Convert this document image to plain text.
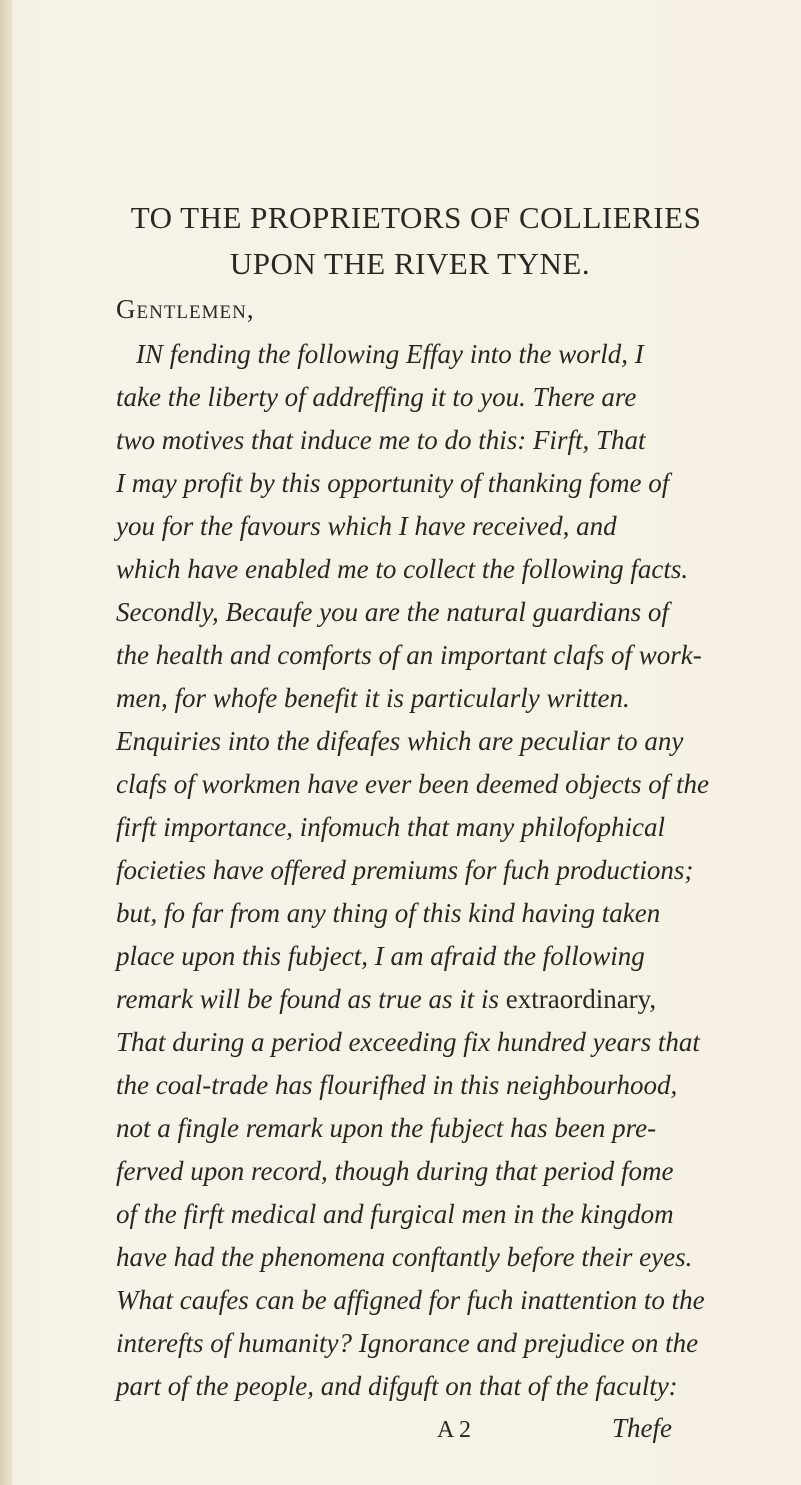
TO THE PROPRIETORS OF COLLIERIES
UPON THE RIVER TYNE.
Gentlemen,
IN fending the following Effay into the world, I
take the liberty of addreffing it to you. There are
two motives that induce me to do this: Firft, That
I may profit by this opportunity of thanking fome of
you for the favours which I have received, and
which have enabled me to collect the following facts.
Secondly, Becaufe you are the natural guardians of
the health and comforts of an important clafs of work-
men, for whofe benefit it is particularly written.
Enquiries into the difeafes which are peculiar to any
clafs of workmen have ever been deemed objects of the
firft importance, infomuch that many philofophical
focieties have offered premiums for fuch productions;
but, fo far from any thing of this kind having taken
place upon this fubject, I am afraid the following
remark will be found as true as it is extraordinary,
That during a period exceeding fix hundred years that
the coal-trade has flourifhed in this neighbourhood,
not a fingle remark upon the fubject has been pre-
ferved upon record, though during that period fome
of the firft medical and furgical men in the kingdom
have had the phenomena conftantly before their eyes.
What caufes can be affigned for fuch inattention to the
interefts of humanity? Ignorance and prejudice on the
part of the people, and difguft on that of the faculty:
A 2	Thefe
